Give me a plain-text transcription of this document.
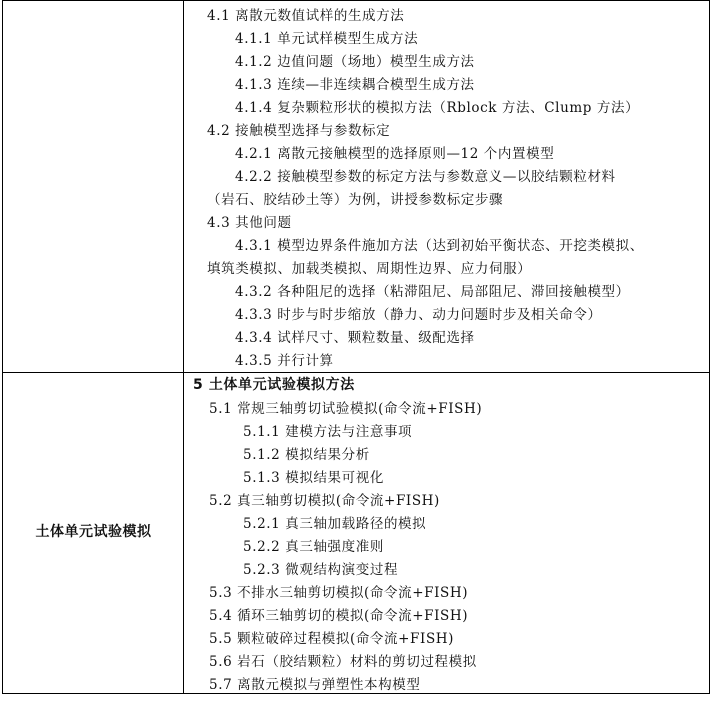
4.1 离散元数值试样的生成方法
4.1.1 单元试样模型生成方法
4.1.2 边值问题（场地）模型生成方法
4.1.3 连续—非连续耦合模型生成方法
4.1.4 复杂颗粒形状的模拟方法（Rblock 方法、Clump 方法）
4.2 接触模型选择与参数标定
4.2.1 离散元接触模型的选择原则—12 个内置模型
4.2.2 接触模型参数的标定方法与参数意义—以胶结颗粒材料
（岩石、胶结砂土等）为例，讲授参数标定步骤
4.3 其他问题
4.3.1 模型边界条件施加方法（达到初始平衡状态、开挖类模拟、
填筑类模拟、加载类模拟、周期性边界、应力伺服）
4.3.2 各种阻尼的选择（粘滞阻尼、局部阻尼、滞回接触模型）
4.3.3 时步与时步缩放（静力、动力问题时步及相关命令）
4.3.4 试样尺寸、颗粒数量、级配选择
4.3.5 并行计算
土体单元试验模拟
5 土体单元试验模拟方法
5.1 常规三轴剪切试验模拟(命令流+FISH)
5.1.1 建模方法与注意事项
5.1.2 模拟结果分析
5.1.3 模拟结果可视化
5.2 真三轴剪切模拟(命令流+FISH)
5.2.1 真三轴加载路径的模拟
5.2.2 真三轴强度准则
5.2.3 微观结构演变过程
5.3 不排水三轴剪切模拟(命令流+FISH)
5.4 循环三轴剪切的模拟(命令流+FISH)
5.5 颗粒破碎过程模拟(命令流+FISH)
5.6 岩石（胶结颗粒）材料的剪切过程模拟
5.7 离散元模拟与弹塑性本构模型
